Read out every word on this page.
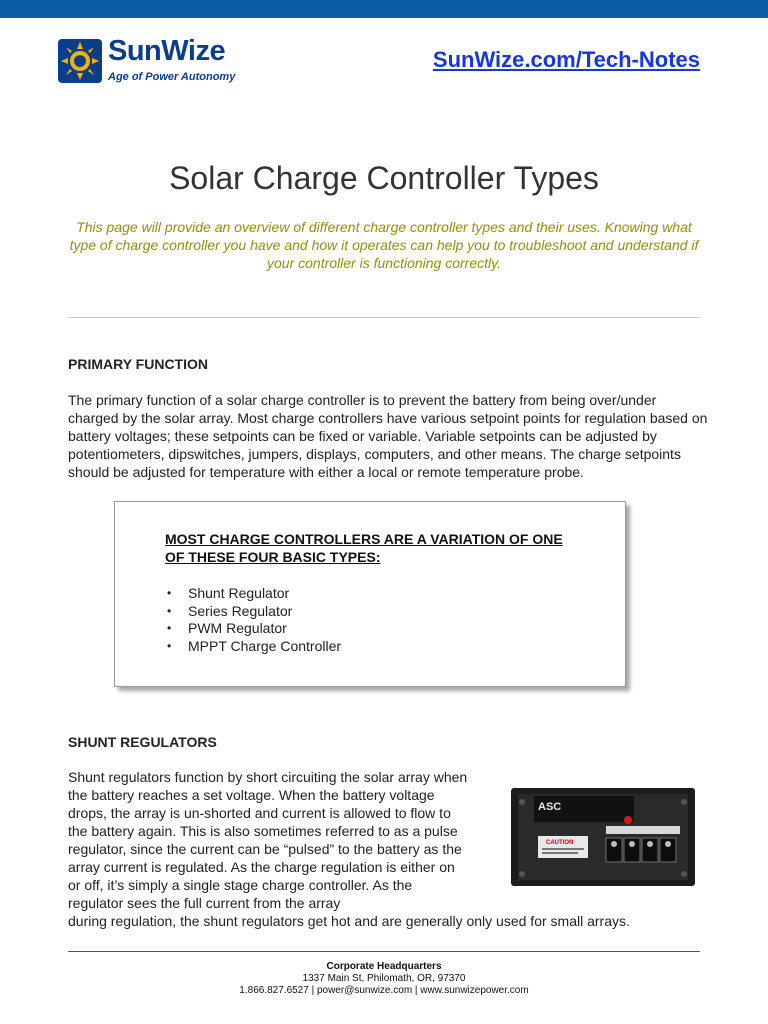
SunWize
Age of Power Autonomy
SunWize.com/Tech-Notes
Solar Charge Controller Types

This page will provide an overview of different charge controller types and their uses. Knowing what type of charge controller you have and how it operates can help you to troubleshoot and understand if your controller is functioning correctly.

PRIMARY FUNCTION

The primary function of a solar charge controller is to prevent the battery from being over/under charged by the solar array. Most charge controllers have various setpoint points for regulation based on battery voltages; these setpoints can be fixed or variable. Variable setpoints can be adjusted by potentiometers, dipswitches, jumpers, displays, computers, and other means. The charge setpoints should be adjusted for temperature with either a local or remote temperature probe.

MOST CHARGE CONTROLLERS ARE A VARIATION OF ONE OF THESE FOUR BASIC TYPES:
• Shunt Regulator
• Series Regulator
• PWM Regulator
• MPPT Charge Controller
SHUNT REGULATORS
Shunt regulators function by short circuiting the solar array when the battery reaches a set voltage. When the battery voltage drops, the array is un-shorted and current is allowed to flow to the battery again. This is also sometimes referred to as a pulse regulator, since the current can be “pulsed” to the battery as the array current is regulated. As the charge regulation is either on or off, it’s simply a single stage charge controller. As the regulator sees the full current from the array
during regulation, the shunt regulators get hot and are generally only used for small arrays.
ASC
CAUTION
Corporate Headquarters
1337 Main St, Philomath, OR, 97370
1.866.827.6527 | power@sunwize.com | www.sunwizepower.com
